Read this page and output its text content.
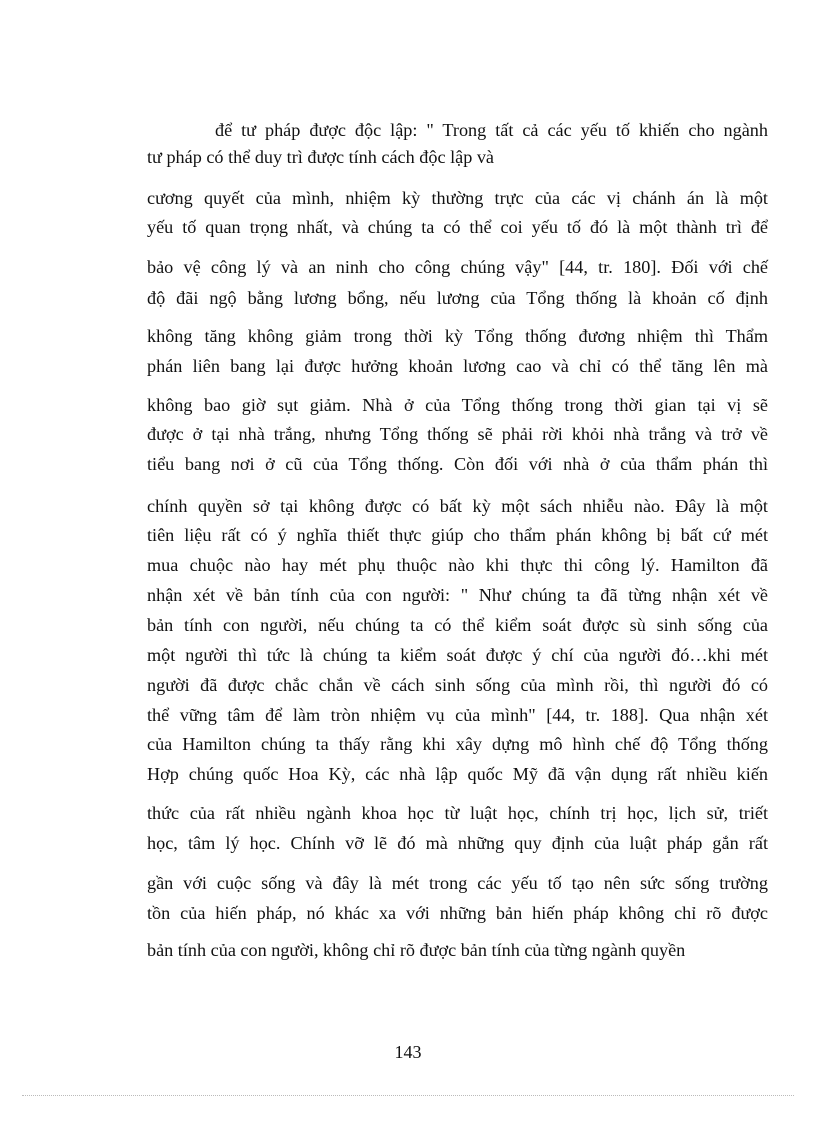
để tư pháp được độc lập: " Trong tất cả các yếu tố khiến cho ngành
tư pháp có thể duy trì được tính cách độc lập và
cương quyết của mình, nhiệm kỳ thường trực của các vị chánh án là một
yếu tố quan trọng nhất, và chúng ta có thể coi yếu tố đó là một thành trì để
bảo vệ công lý và an ninh cho công chúng vậy" [44, tr. 180]. Đối với chế
độ đãi ngộ bằng lương bổng, nếu lương của Tổng thống là khoản cố định
không tăng không giảm trong thời kỳ Tổng thống đương nhiệm thì Thẩm
phán liên bang lại được hưởng khoản lương cao và chỉ có thể tăng lên mà
không bao giờ sụt giảm. Nhà ở của Tổng thống trong thời gian tại vị sẽ
được ở tại nhà trắng, nhưng Tổng thống sẽ phải rời khỏi nhà trắng và trở về
tiểu bang nơi ở cũ của Tổng thống. Còn đối với nhà ở của thẩm phán thì
chính quyền sở tại không được có bất kỳ một sách nhiễu nào. Đây là một
tiên liệu rất có ý nghĩa thiết thực giúp cho thẩm phán không bị bất cứ mét
mua chuộc nào hay mét phụ thuộc nào khi thực thi công lý. Hamilton đã
nhận xét về bản tính của con người: " Như chúng ta đã từng nhận xét về
bản tính con người, nếu chúng ta có thể kiểm soát được sù sinh sống của
một người thì tức là chúng ta kiểm soát được ý chí của người đó…khi mét
người đã được chắc chắn về cách sinh sống của mình rồi, thì người đó có
thể vững tâm để làm tròn nhiệm vụ của mình" [44, tr. 188]. Qua nhận xét
của Hamilton chúng ta thấy rằng khi xây dựng mô hình chế độ Tổng thống
Hợp chúng quốc Hoa Kỳ, các nhà lập quốc Mỹ đã vận dụng rất nhiều kiến
thức của rất nhiều ngành khoa học từ luật học, chính trị học, lịch sử, triết
học, tâm lý học. Chính vỡ lẽ đó mà những quy định của luật pháp gắn rất
gần với cuộc sống và đây là mét trong các yếu tố tạo nên sức sống trường
tồn của hiến pháp, nó khác xa với những bản hiến pháp không chỉ rõ được
bản tính của con người, không chỉ rõ được bản tính của từng ngành quyền
143
